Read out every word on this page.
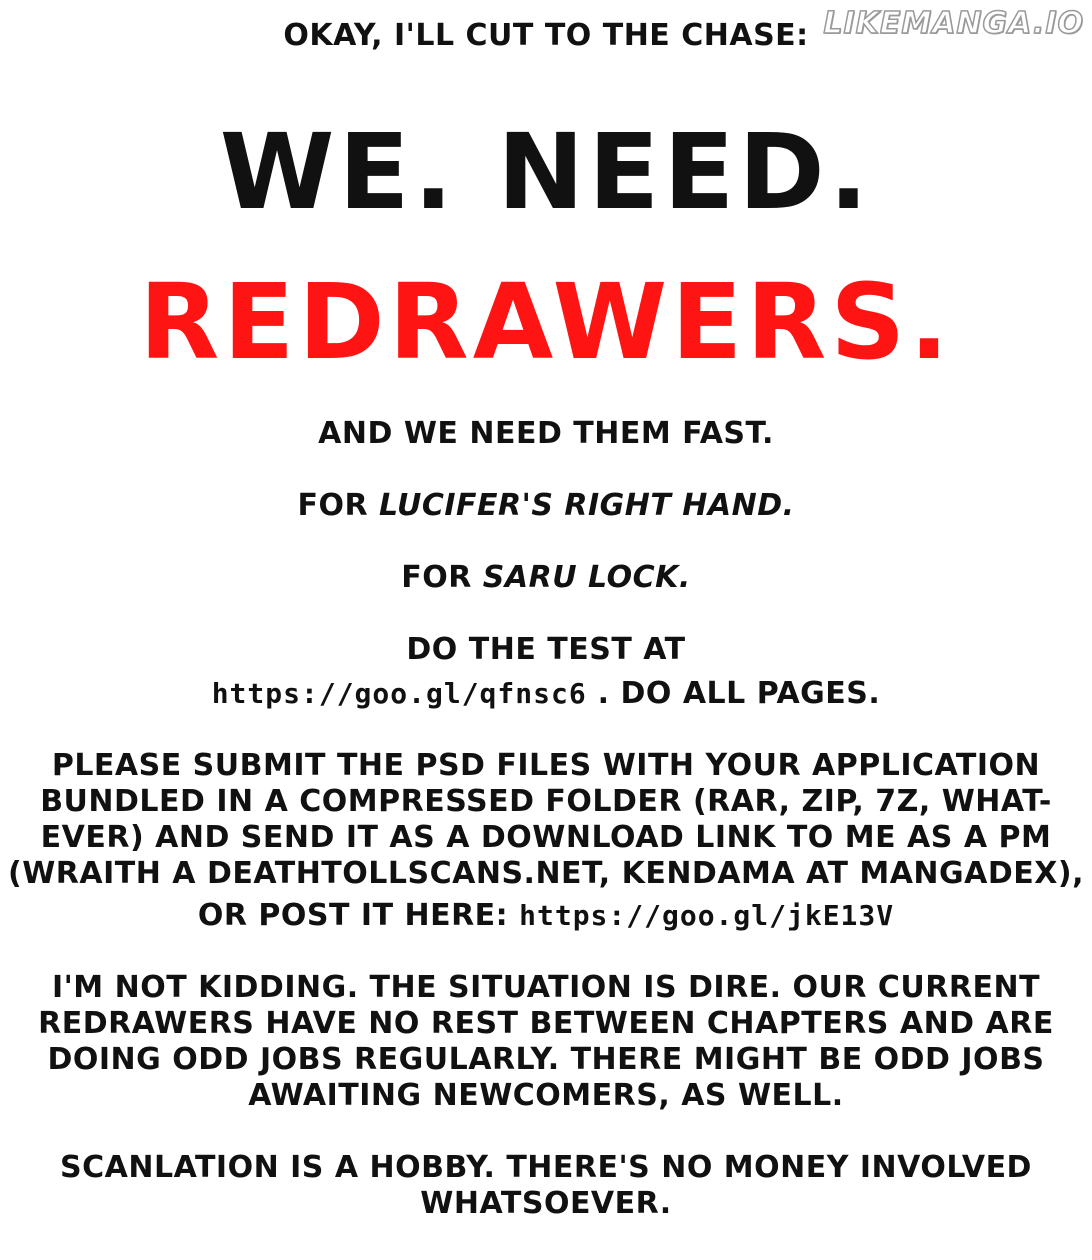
OKAY, I'LL CUT TO THE CHASE: LIKEMANGA.IO
WE. NEED.
REDRAWERS.
AND WE NEED THEM FAST.
FOR LUCIFER'S RIGHT HAND.
FOR SARU LOCK.
DO THE TEST AT
https://goo.gl/qfnsc6 . DO ALL PAGES.
PLEASE SUBMIT THE PSD FILES WITH YOUR APPLICATION
BUNDLED IN A COMPRESSED FOLDER (RAR, ZIP, 7Z, WHAT-
EVER) AND SEND IT AS A DOWNLOAD LINK TO ME AS A PM
(WRAITH A DEATHTOLLSCANS.NET, KENDAMA AT MANGADEX),
OR POST IT HERE: https://goo.gl/jkE13V
I'M NOT KIDDING. THE SITUATION IS DIRE. OUR CURRENT
REDRAWERS HAVE NO REST BETWEEN CHAPTERS AND ARE
DOING ODD JOBS REGULARLY. THERE MIGHT BE ODD JOBS
AWAITING NEWCOMERS, AS WELL.
SCANLATION IS A HOBBY. THERE'S NO MONEY INVOLVED
WHATSOEVER.
